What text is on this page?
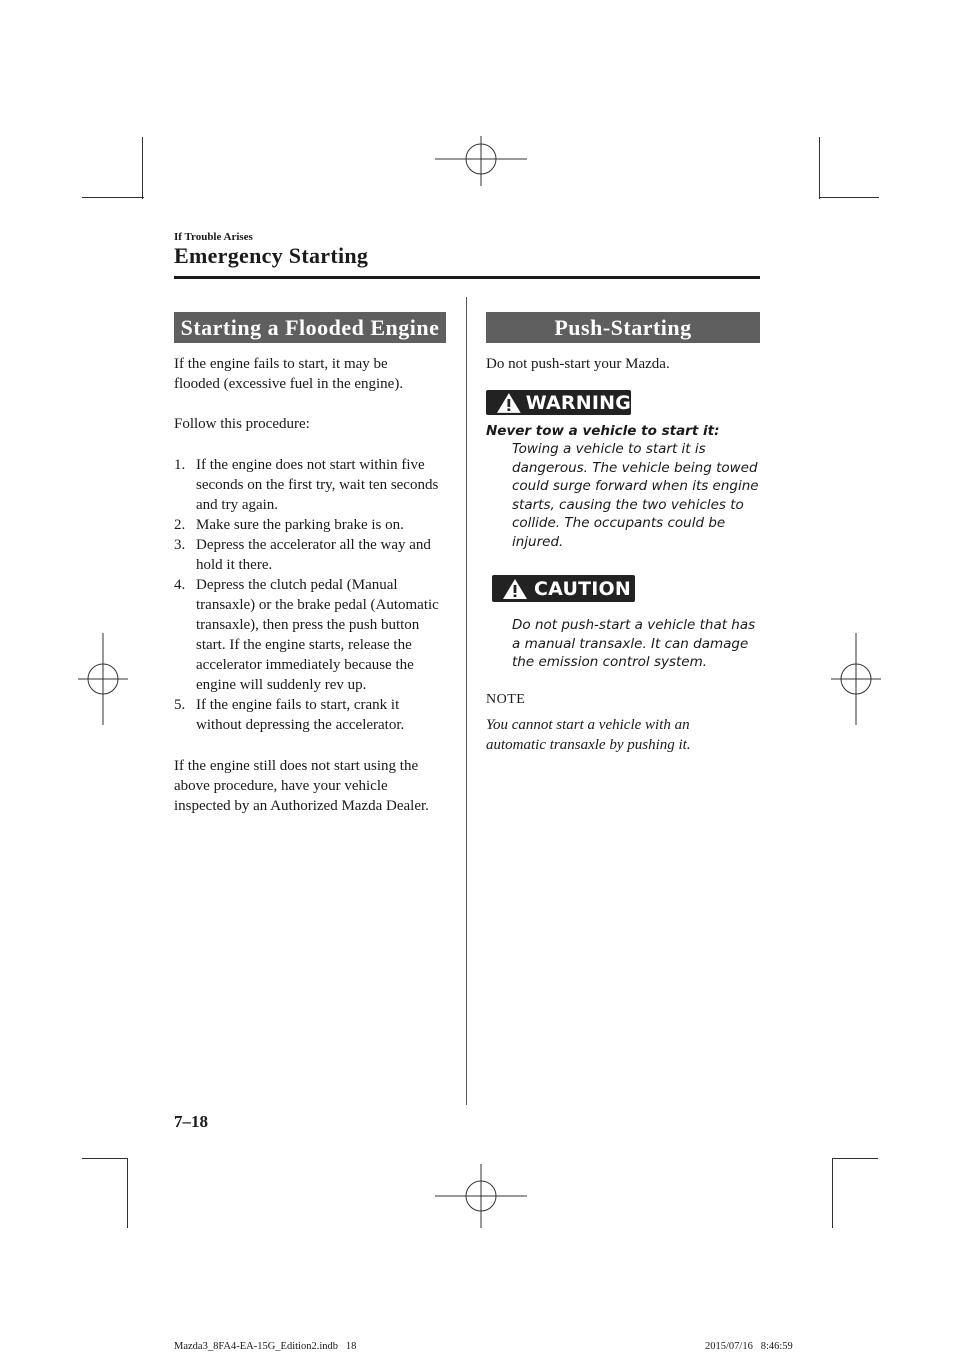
If Trouble Arises
Emergency Starting
Starting a Flooded Engine
If the engine fails to start, it may be flooded (excessive fuel in the engine).
Follow this procedure:
1. If the engine does not start within five seconds on the first try, wait ten seconds and try again.
2. Make sure the parking brake is on.
3. Depress the accelerator all the way and hold it there.
4. Depress the clutch pedal (Manual transaxle) or the brake pedal (Automatic transaxle), then press the push button start. If the engine starts, release the accelerator immediately because the engine will suddenly rev up.
5. If the engine fails to start, crank it without depressing the accelerator.
If the engine still does not start using the above procedure, have your vehicle inspected by an Authorized Mazda Dealer.
Push-Starting
Do not push-start your Mazda.
WARNING
Never tow a vehicle to start it:
Towing a vehicle to start it is dangerous. The vehicle being towed could surge forward when its engine starts, causing the two vehicles to collide. The occupants could be injured.
CAUTION
Do not push-start a vehicle that has a manual transaxle. It can damage the emission control system.
NOTE
You cannot start a vehicle with an automatic transaxle by pushing it.
7–18
Mazda3_8FA4-EA-15G_Edition2.indb   18	2015/07/16   8:46:59
